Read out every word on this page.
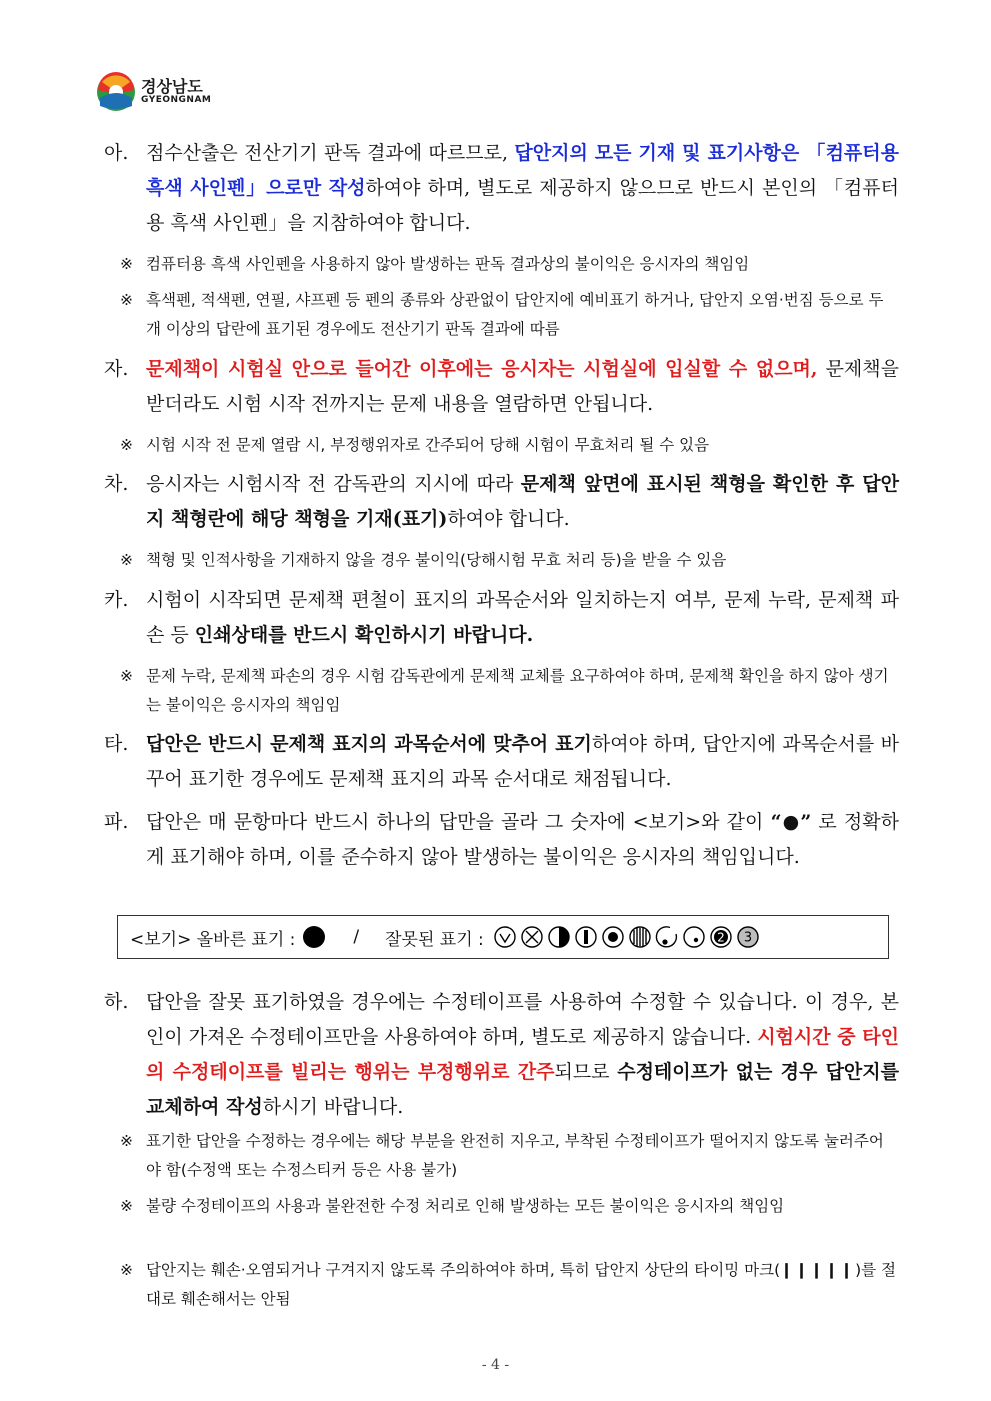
경상남도
GYEONGNAM
아. 점수산출은 전산기기 판독 결과에 따르므로, 답안지의 모든 기재 및 표기사항은 「컴퓨터용 흑색 사인펜」으로만 작성하여야 하며, 별도로 제공하지 않으므로 반드시 본인의 「컴퓨터용 흑색 사인펜」을 지참하여야 합니다.
※ 컴퓨터용 흑색 사인펜을 사용하지 않아 발생하는 판독 결과상의 불이익은 응시자의 책임임
※ 흑색펜, 적색펜, 연필, 샤프펜 등 펜의 종류와 상관없이 답안지에 예비표기 하거나, 답안지 오염·번짐 등으로 두 개 이상의 답란에 표기된 경우에도 전산기기 판독 결과에 따름
자. 문제책이 시험실 안으로 들어간 이후에는 응시자는 시험실에 입실할 수 없으며, 문제책을 받더라도 시험 시작 전까지는 문제 내용을 열람하면 안됩니다.
※ 시험 시작 전 문제 열람 시, 부정행위자로 간주되어 당해 시험이 무효처리 될 수 있음
차. 응시자는 시험시작 전 감독관의 지시에 따라 문제책 앞면에 표시된 책형을 확인한 후 답안지 책형란에 해당 책형을 기재(표기)하여야 합니다.
※ 책형 및 인적사항을 기재하지 않을 경우 불이익(당해시험 무효 처리 등)을 받을 수 있음
카. 시험이 시작되면 문제책 편철이 표지의 과목순서와 일치하는지 여부, 문제 누락, 문제책 파손 등 인쇄상태를 반드시 확인하시기 바랍니다.
※ 문제 누락, 문제책 파손의 경우 시험 감독관에게 문제책 교체를 요구하여야 하며, 문제책 확인을 하지 않아 생기는 불이익은 응시자의 책임임
타. 답안은 반드시 문제책 표지의 과목순서에 맞추어 표기하여야 하며, 답안지에 과목순서를 바꾸어 표기한 경우에도 문제책 표지의 과목 순서대로 채점됩니다.
파. 답안은 매 문항마다 반드시 하나의 답만을 골라 그 숫자에 <보기>와 같이 “●” 로 정확하게 표기해야 하며, 이를 준수하지 않아 발생하는 불이익은 응시자의 책임입니다.
<보기> 올바른 표기 :	/ 잘못된 표기 :	2 3
하. 답안을 잘못 표기하였을 경우에는 수정테이프를 사용하여 수정할 수 있습니다. 이 경우, 본인이 가져온 수정테이프만을 사용하여야 하며, 별도로 제공하지 않습니다. 시험시간 중 타인의 수정테이프를 빌리는 행위는 부정행위로 간주되므로 수정테이프가 없는 경우 답안지를 교체하여 작성하시기 바랍니다.
※ 표기한 답안을 수정하는 경우에는 해당 부분을 완전히 지우고, 부착된 수정테이프가 떨어지지 않도록 눌러주어야 함(수정액 또는 수정스티커 등은 사용 불가)
※ 불량 수정테이프의 사용과 불완전한 수정 처리로 인해 발생하는 모든 불이익은 응시자의 책임임
※ 답안지는 훼손·오염되거나 구겨지지 않도록 주의하여야 하며, 특히 답안지 상단의 타이밍 마크(❙❙❙❙❙)를 절대로 훼손해서는 안됨
- 4 -
